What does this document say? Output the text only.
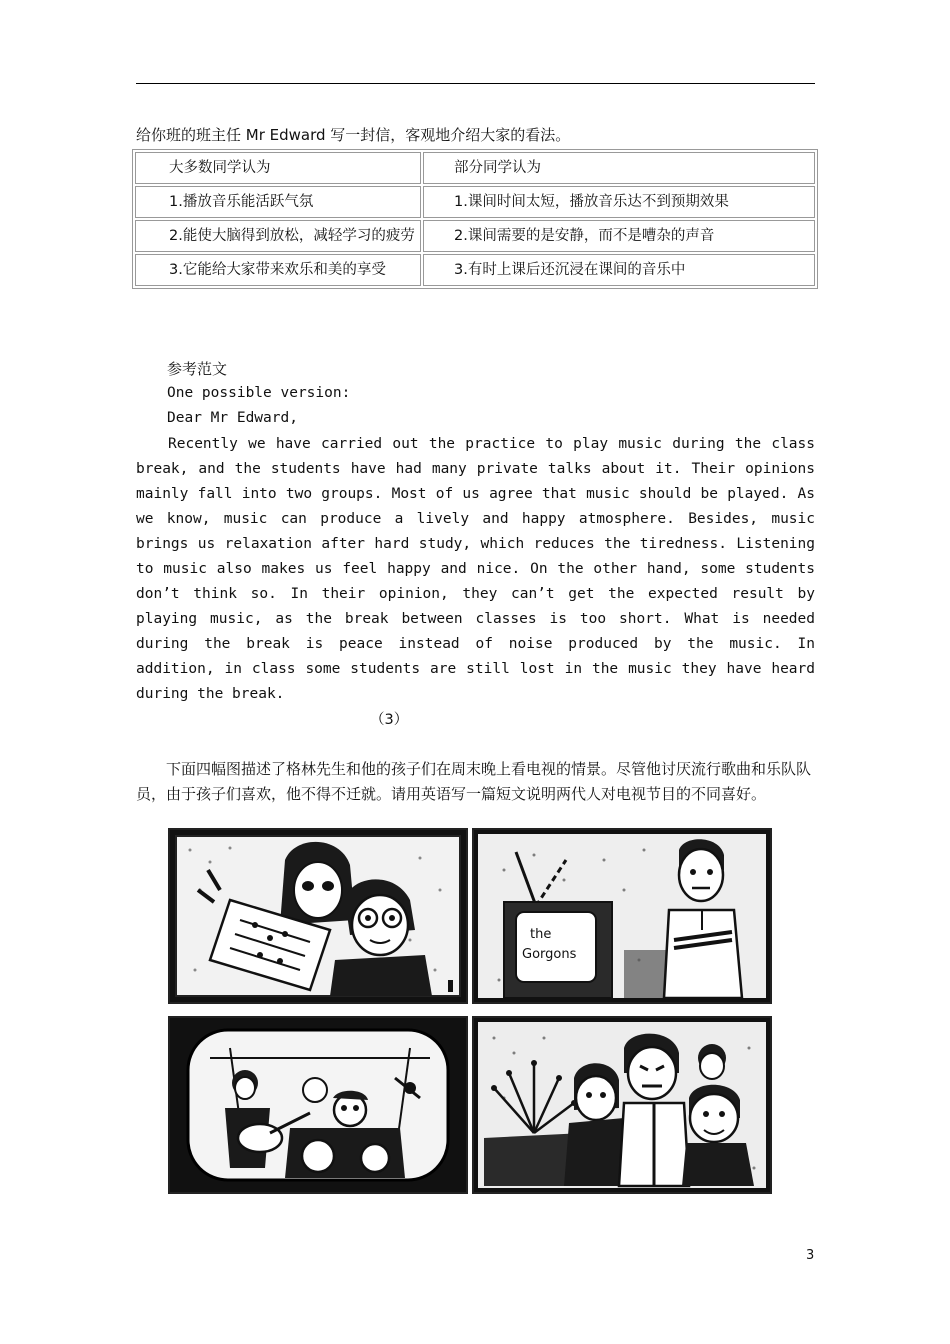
给你班的班主任 Mr Edward 写一封信，客观地介绍大家的看法。
大多数同学认为	部分同学认为
1.播放音乐能活跃气氛	1.课间时间太短，播放音乐达不到预期效果
2.能使大脑得到放松，减轻学习的疲劳	2.课间需要的是安静，而不是嘈杂的声音
3.它能给大家带来欢乐和美的享受	3.有时上课后还沉浸在课间的音乐中
参考范文
One possible version:
Dear Mr Edward,

Recently we have carried out the practice to play music during the class break, and the students have had many private talks about it. Their opinions mainly fall into two groups. Most of us agree that music should be played. As we know, music can produce a lively and happy atmosphere. Besides, music brings us relaxation after hard study, which reduces the tiredness. Listening to music also makes us feel happy and nice. On the other hand, some students don’t think so. In their opinion, they can’t get the expected result by playing music, as the break between classes is too short. What is needed during the break is peace instead of noise produced by the music. In addition, in class some students are still lost in the music they have heard during the break.

（3）

下面四幅图描述了格林先生和他的孩子们在周末晚上看电视的情景。尽管他讨厌流行歌曲和乐队队员，由于孩子们喜欢，他不得不迁就。请用英语写一篇短文说明两代人对电视节目的不同喜好。

the
Gorgons
3
